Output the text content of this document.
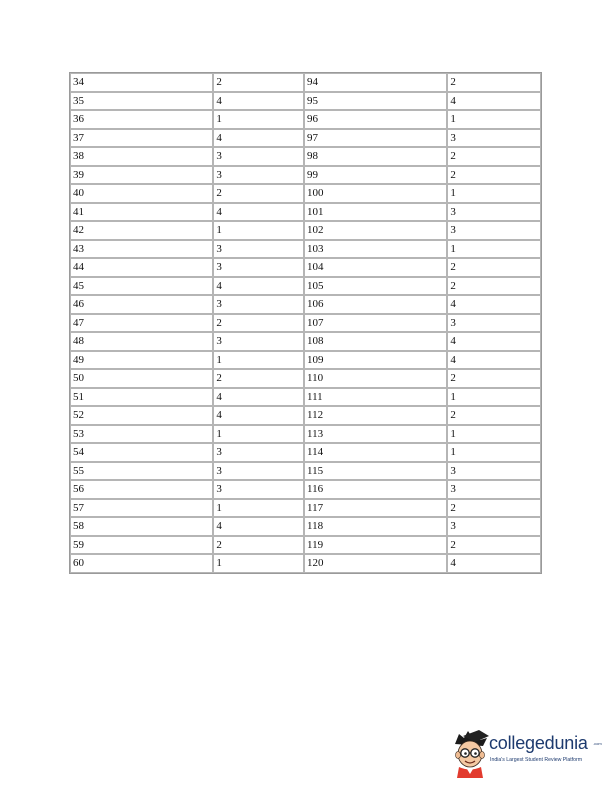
34	2	94	2
35	4	95	4
36	1	96	1
37	4	97	3
38	3	98	2
39	3	99	2
40	2	100	1
41	4	101	3
42	1	102	3
43	3	103	1
44	3	104	2
45	4	105	2
46	3	106	4
47	2	107	3
48	3	108	4
49	1	109	4
50	2	110	2
51	4	111	1
52	4	112	2
53	1	113	1
54	3	114	1
55	3	115	3
56	3	116	3
57	1	117	2
58	4	118	3
59	2	119	2
60	1	120	4
collegedunia .com
India's Largest Student Review Platform
